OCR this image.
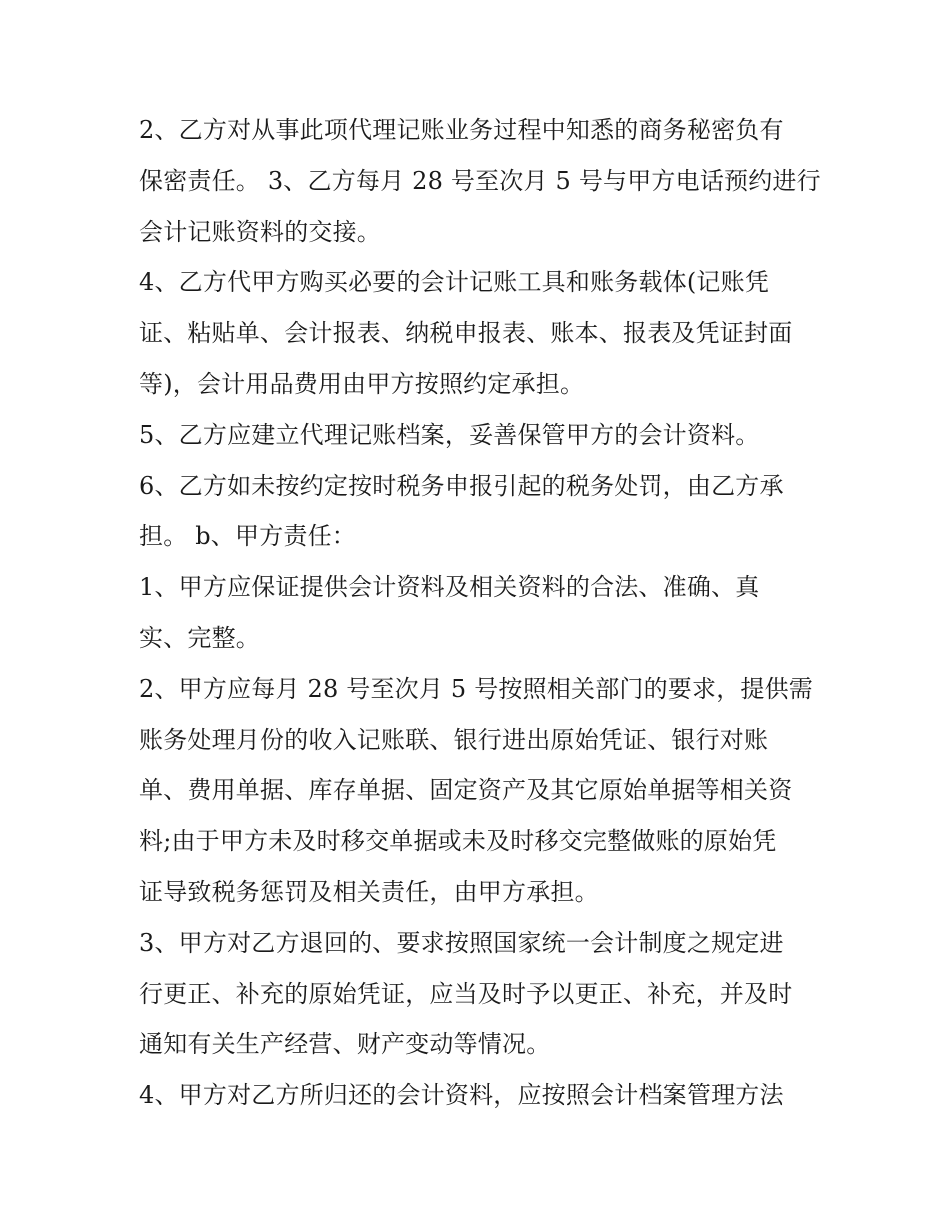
2、乙方对从事此项代理记账业务过程中知悉的商务秘密负有
保密责任。 3、乙方每月 28 号至次月 5 号与甲方电话预约进行
会计记账资料的交接。
4、乙方代甲方购买必要的会计记账工具和账务载体(记账凭
证、粘贴单、会计报表、纳税申报表、账本、报表及凭证封面
等)，会计用品费用由甲方按照约定承担。
5、乙方应建立代理记账档案，妥善保管甲方的会计资料。
6、乙方如未按约定按时税务申报引起的税务处罚，由乙方承
担。 b、甲方责任：
1、甲方应保证提供会计资料及相关资料的合法、准确、真
实、完整。
2、甲方应每月 28 号至次月 5 号按照相关部门的要求，提供需
账务处理月份的收入记账联、银行进出原始凭证、银行对账
单、费用单据、库存单据、固定资产及其它原始单据等相关资
料;由于甲方未及时移交单据或未及时移交完整做账的原始凭
证导致税务惩罚及相关责任，由甲方承担。
3、甲方对乙方退回的、要求按照国家统一会计制度之规定进
行更正、补充的原始凭证，应当及时予以更正、补充，并及时
通知有关生产经营、财产变动等情况。
4、甲方对乙方所归还的会计资料，应按照会计档案管理方法
